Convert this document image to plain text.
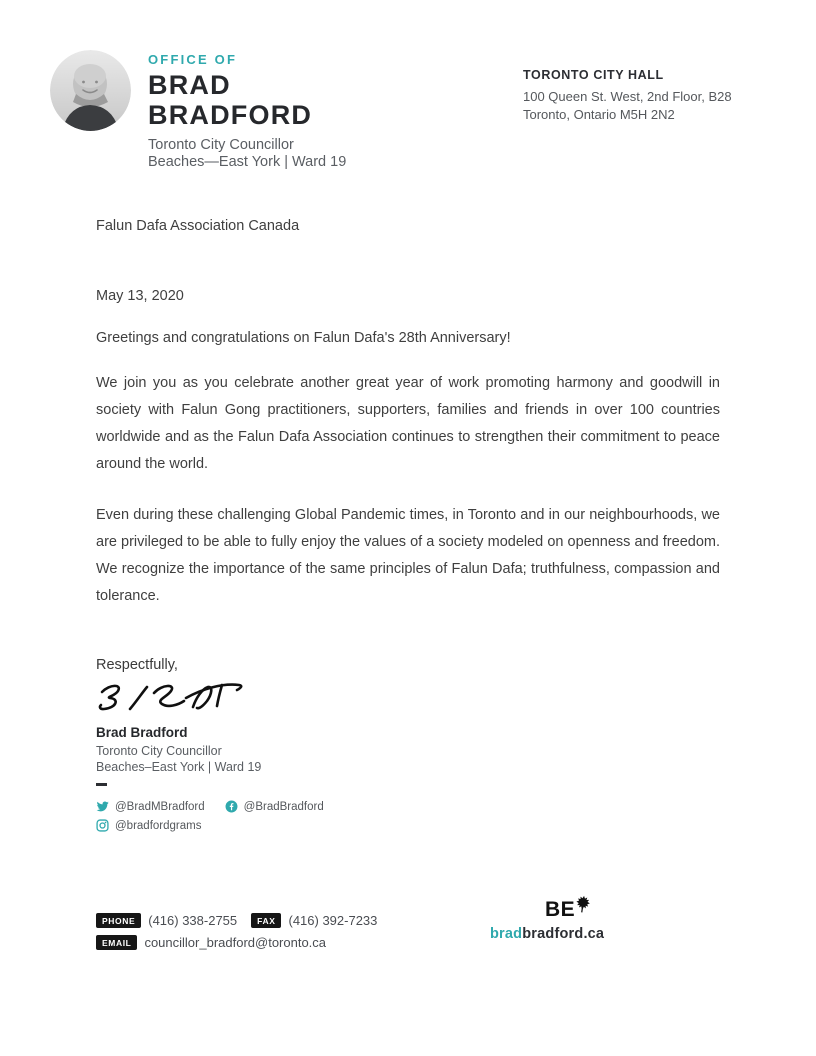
OFFICE OF
BRAD
BRADFORD
Toronto City Councillor
Beaches—East York | Ward 19
TORONTO CITY HALL
100 Queen St. West, 2nd Floor, B28
Toronto, Ontario M5H 2N2
Falun Dafa Association Canada
May 13, 2020
Greetings and congratulations on Falun Dafa's 28th Anniversary!

We join you as you celebrate another great year of work promoting harmony and goodwill in society with Falun Gong practitioners, supporters, families and friends in over 100 countries worldwide and as the Falun Dafa Association continues to strengthen their commitment to peace around the world.

Even during these challenging Global Pandemic times, in Toronto and in our neighbourhoods, we are privileged to be able to fully enjoy the values of a society modeled on openness and freedom. We recognize the importance of the same principles of Falun Dafa; truthfulness, compassion and tolerance.

Respectfully,
Brad Bradford
Toronto City Councillor
Beaches–East York | Ward 19
@BradMBradford	@BradBradford
@bradfordgrams
PHONE	(416) 338-2755	FAX	(416) 392-7233
EMAIL	councillor_bradford@toronto.ca
BE
bradbradford.ca
